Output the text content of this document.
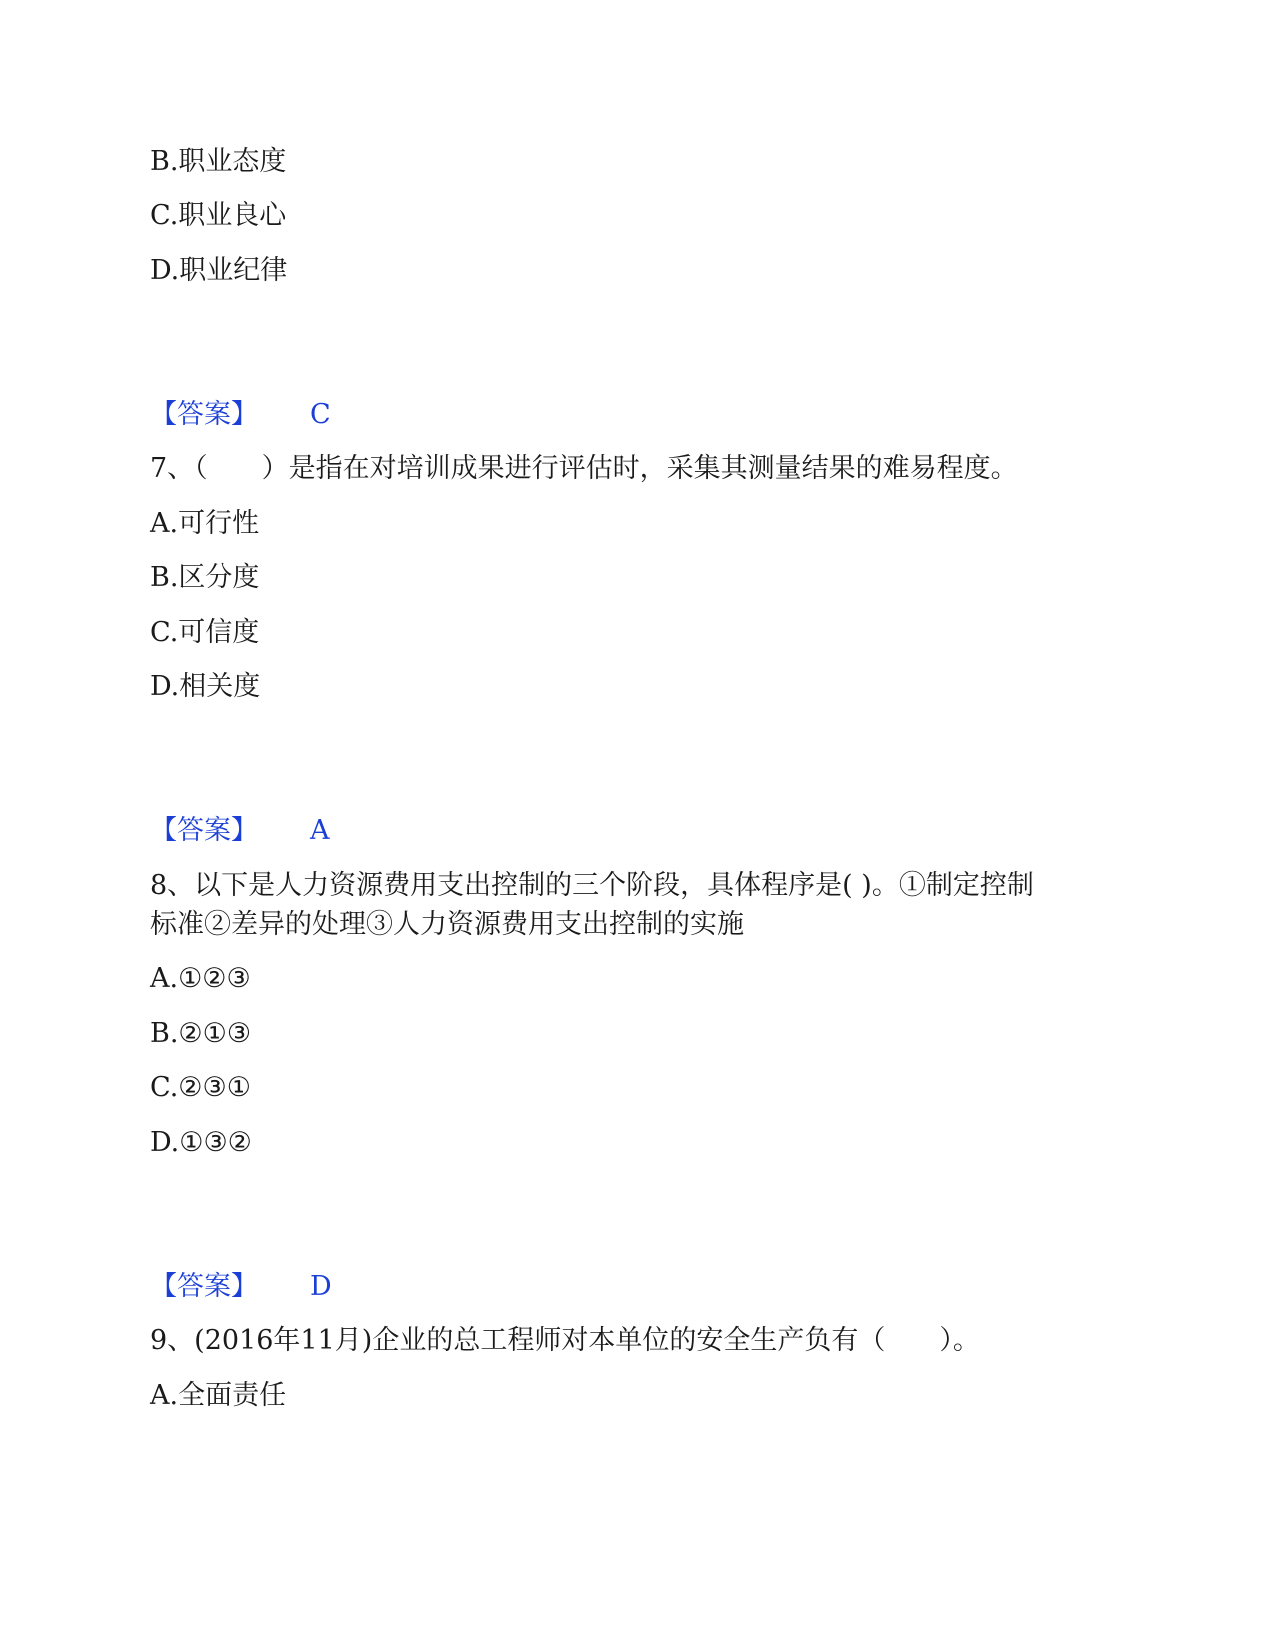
B.职业态度
C.职业良心
D.职业纪律
【答案】 C
7、（　　）是指在对培训成果进行评估时，采集其测量结果的难易程度。
A.可行性
B.区分度
C.可信度
D.相关度
【答案】 A
8、以下是人力资源费用支出控制的三个阶段，具体程序是( )。①制定控制
标准②差异的处理③人力资源费用支出控制的实施
A.①②③
B.②①③
C.②③①
D.①③②
【答案】 D
9、(2016年11月)企业的总工程师对本单位的安全生产负有（　　）。
A.全面责任
